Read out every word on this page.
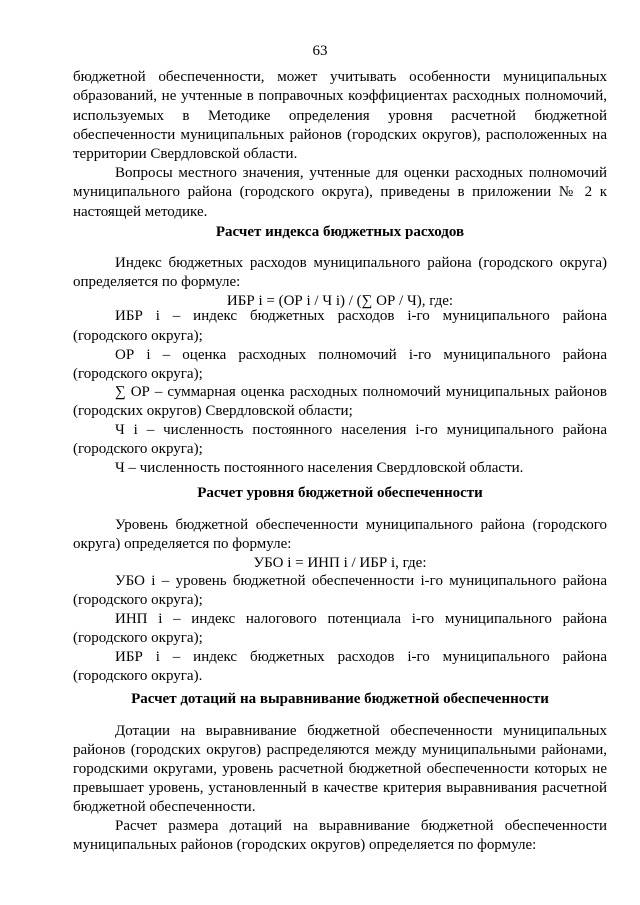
63
бюджетной обеспеченности, может учитывать особенности муниципальных
образований, не учтенные в поправочных коэффициентах расходных полномочий,
используемых в Методике определения уровня расчетной бюджетной
обеспеченности муниципальных районов (городских округов), расположенных на
территории Свердловской области.
Вопросы местного значения, учтенные для оценки расходных полномочий
муниципального района (городского округа), приведены в приложении № 2 к
настоящей методике.
Расчет индекса бюджетных расходов
Индекс бюджетных расходов муниципального района (городского округа)
определяется по формуле:
ИБР i = (ОР i / Ч i) / (∑ ОР / Ч), где:
ИБР i – индекс бюджетных расходов i-го муниципального района
(городского округа);
ОР i – оценка расходных полномочий i-го муниципального района
(городского округа);
∑ ОР – суммарная оценка расходных полномочий муниципальных районов
(городских округов) Свердловской области;
Ч i – численность постоянного населения i-го муниципального района
(городского округа);
Ч – численность постоянного населения Свердловской области.
Расчет уровня бюджетной обеспеченности
Уровень бюджетной обеспеченности муниципального района (городского
округа) определяется по формуле:
УБО i = ИНП i / ИБР i, где:
УБО i – уровень бюджетной обеспеченности i-го муниципального района
(городского округа);
ИНП i – индекс налогового потенциала i-го муниципального района
(городского округа);
ИБР i – индекс бюджетных расходов i-го муниципального района
(городского округа).
Расчет дотаций на выравнивание бюджетной обеспеченности
Дотации на выравнивание бюджетной обеспеченности муниципальных
районов (городских округов) распределяются между муниципальными районами,
городскими округами, уровень расчетной бюджетной обеспеченности которых не
превышает уровень, установленный в качестве критерия выравнивания расчетной
бюджетной обеспеченности.
Расчет размера дотаций на выравнивание бюджетной обеспеченности
муниципальных районов (городских округов) определяется по формуле:
